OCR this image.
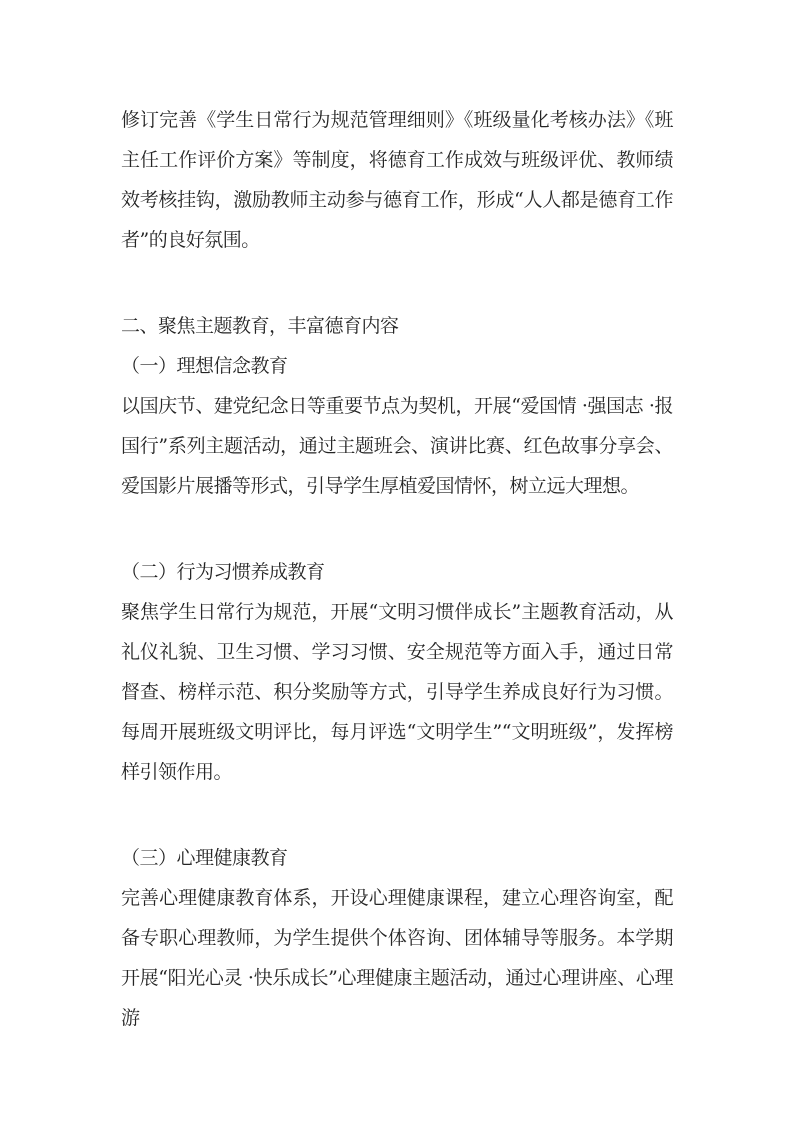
修订完善《学生日常行为规范管理细则》《班级量化考核办法》《班主任工作评价方案》等制度，将德育工作成效与班级评优、教师绩效考核挂钩，激励教师主动参与德育工作，形成“人人都是德育工作者”的良好氛围。

二、聚焦主题教育，丰富德育内容
（一）理想信念教育

以国庆节、建党纪念日等重要节点为契机，开展“爱国情 ·强国志 ·报国行”系列主题活动，通过主题班会、演讲比赛、红色故事分享会、爱国影片展播等形式，引导学生厚植爱国情怀，树立远大理想。

（二）行为习惯养成教育

聚焦学生日常行为规范，开展“文明习惯伴成长”主题教育活动，从礼仪礼貌、卫生习惯、学习习惯、安全规范等方面入手，通过日常督查、榜样示范、积分奖励等方式，引导学生养成良好行为习惯。每周开展班级文明评比，每月评选“文明学生”“文明班级”，发挥榜样引领作用。

（三）心理健康教育

完善心理健康教育体系，开设心理健康课程，建立心理咨询室，配备专职心理教师，为学生提供个体咨询、团体辅导等服务。本学期开展“阳光心灵 ·快乐成长”心理健康主题活动，通过心理讲座、心理游
